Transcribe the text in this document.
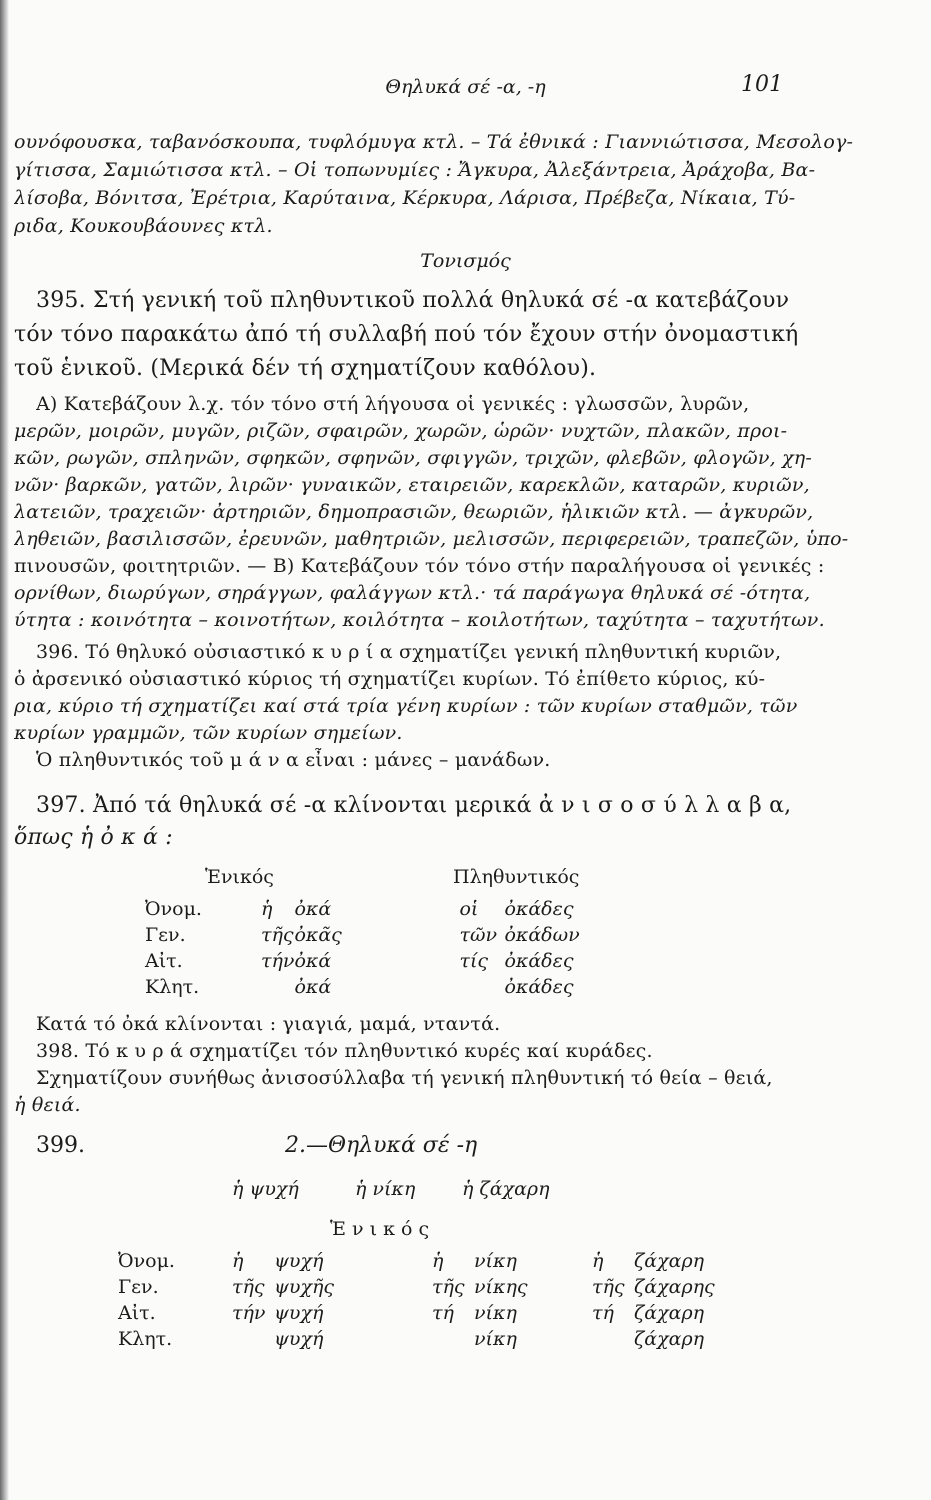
Θηλυκά σέ -α, -η	101
ουνόφουσκα, ταβανόσκουπα, τυφλόμυγα κτλ. – Τά ἐθνικά : Γιαννιώτισσα, Μεσολογ-
γίτισσα, Σαμιώτισσα κτλ. – Οἱ τοπωνυμίες : Ἄγκυρα, Ἀλεξάντρεια, Ἀράχοβα, Βα-
λίσοβα, Βόνιτσα, Ἐρέτρια, Καρύταινα, Κέρκυρα, Λάρισα, Πρέβεζα, Νίκαια, Τύ-
ριδα, Κουκουβάουνες κτλ.
Τονισμός
395. Στή γενική τοῦ πληθυντικοῦ πολλά θηλυκά σέ -α κατεβάζουν
τόν τόνο παρακάτω ἀπό τή συλλαβή πού τόν ἔχουν στήν ὀνομαστική
τοῦ ἑνικοῦ. (Μερικά δέν τή σχηματίζουν καθόλου).
Α) Κατεβάζουν λ.χ. τόν τόνο στή λήγουσα οἱ γενικές : γλωσσῶν, λυρῶν,
μερῶν, μοιρῶν, μυγῶν, ριζῶν, σφαιρῶν, χωρῶν, ὡρῶν· νυχτῶν, πλακῶν, προι-
κῶν, ρωγῶν, σπληνῶν, σφηκῶν, σφηνῶν, σφιγγῶν, τριχῶν, φλεβῶν, φλογῶν, χη-
νῶν· βαρκῶν, γατῶν, λιρῶν· γυναικῶν, εταιρειῶν, καρεκλῶν, καταρῶν, κυριῶν,
λατειῶν, τραχειῶν· ἀρτηριῶν, δημοπρασιῶν, θεωριῶν, ἡλικιῶν κτλ. — ἀγκυρῶν,
ληθειῶν, βασιλισσῶν, ἐρευνῶν, μαθητριῶν, μελισσῶν, περιφερειῶν, τραπεζῶν, ὑπο-
πινουσῶν, φοιτητριῶν. — Β) Κατεβάζουν τόν τόνο στήν παραλήγουσα οἱ γενικές :
ορνίθων, διωρύγων, σηράγγων, φαλάγγων κτλ.· τά παράγωγα θηλυκά σέ -ότητα,
ύτητα : κοινότητα – κοινοτήτων, κοιλότητα – κοιλοτήτων, ταχύτητα – ταχυτήτων.
396. Τό θηλυκό οὐσιαστικό κ υ ρ ί α σχηματίζει γενική πληθυντική κυριῶν,
ὁ ἀρσενικό οὐσιαστικό κύριος τή σχηματίζει κυρίων. Τό ἐπίθετο κύριος, κύ-
ρια, κύριο τή σχηματίζει καί στά τρία γένη κυρίων : τῶν κυρίων σταθμῶν, τῶν
κυρίων γραμμῶν, τῶν κυρίων σημείων.
Ὁ πληθυντικός τοῦ μ ά ν α εἶναι : μάνες – μανάδων.
397. Ἀπό τά θηλυκά σέ -α κλίνονται μερικά ἀ ν ι σ ο σ ύ λ λ α β α,
ὅπως ἡ ὀ κ ά :
Ἑνικός	Πληθυντικός
Ὀνομ.	ἡ	ὀκά	οἱ	ὀκάδες
Γεν.	τῆς	ὀκᾶς	τῶν	ὀκάδων
Αἰτ.	τήν	ὀκά	τίς	ὀκάδες
Κλητ.		ὀκά		ὀκάδες
Κατά τό ὀκά κλίνονται : γιαγιά, μαμά, νταντά.
398. Τό κ υ ρ ά σχηματίζει τόν πληθυντικό κυρές καί κυράδες.
Σχηματίζουν συνήθως ἀνισοσύλλαβα τή γενική πληθυντική τό θεία – θειά,
ἡ θειά.
399.	2.—Θηλυκά σέ -η
ἡ ψυχή	ἡ νίκη ἡ ζάχαρη
Ἑ ν ι κ ό ς
Ὀνομ.	ἡ	ψυχή	ἡ	νίκη	ἡ	ζάχαρη
Γεν.	τῆς	ψυχῆς	τῆς	νίκης	τῆς	ζάχαρης
Αἰτ.	τήν	ψυχή	τή	νίκη	τή	ζάχαρη
Κλητ.		ψυχή		νίκη		ζάχαρη
